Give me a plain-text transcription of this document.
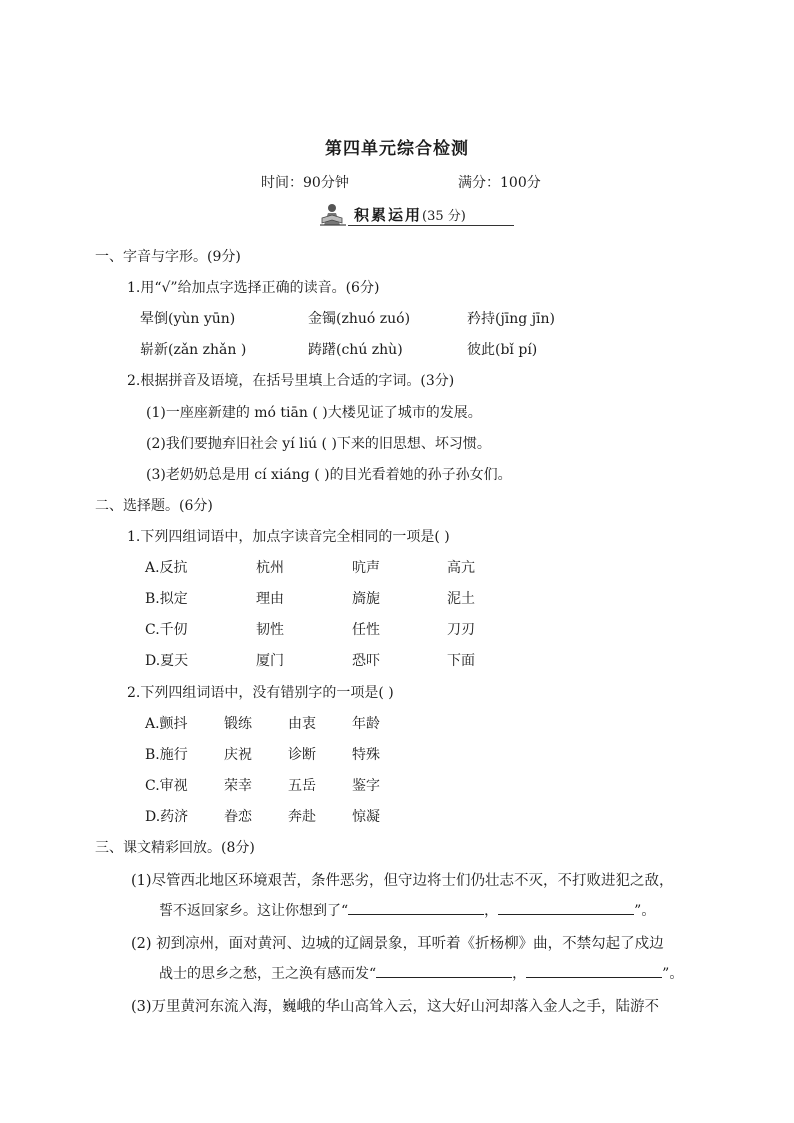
第四单元综合检测
时间：90分钟	满分：100分
积累运用(35 分)
一、字音与字形。(9分)
1.用“√”给加点字选择正确的读音。(6分)
晕倒(yùn yūn)	金镯(zhuó zuó)	矜持(jīng jīn)
崭新(zǎn zhǎn )	踌躇(chú zhù)	彼此(bǐ pí)
2.根据拼音及语境，在括号里填上合适的字词。(3分)
(1)一座座新建的 mó tiān ( )大楼见证了城市的发展。
(2)我们要抛弃旧社会 yí liú ( )下来的旧思想、坏习惯。
(3)老奶奶总是用 cí xiáng ( )的目光看着她的孙子孙女们。
二、选择题。(6分)
1.下列四组词语中，加点字读音完全相同的一项是( )
A.反抗	杭州	吭声	高亢
B.拟定	理由	旖旎	泥土
C.千仞	韧性	任性	刀刃
D.夏天	厦门	恐吓	下面
2.下列四组词语中，没有错别字的一项是( )
A.颤抖	锻练	由衷	年龄
B.施行	庆祝	诊断	特殊
C.审视	荣幸	五岳	鉴字
D.药济	眷恋	奔赴	惊凝
三、课文精彩回放。(8分)
(1)尽管西北地区环境艰苦，条件恶劣，但守边将士们仍壮志不灭，不打败进犯之敌，
誓不返回家乡。这让你想到了“	，	”。
(2) 初到凉州，面对黄河、边城的辽阔景象，耳听着《折杨柳》曲，不禁勾起了戍边
战士的思乡之愁，王之涣有感而发“	，	”。
(3)万里黄河东流入海，巍峨的华山高耸入云，这大好山河却落入金人之手，陆游不
